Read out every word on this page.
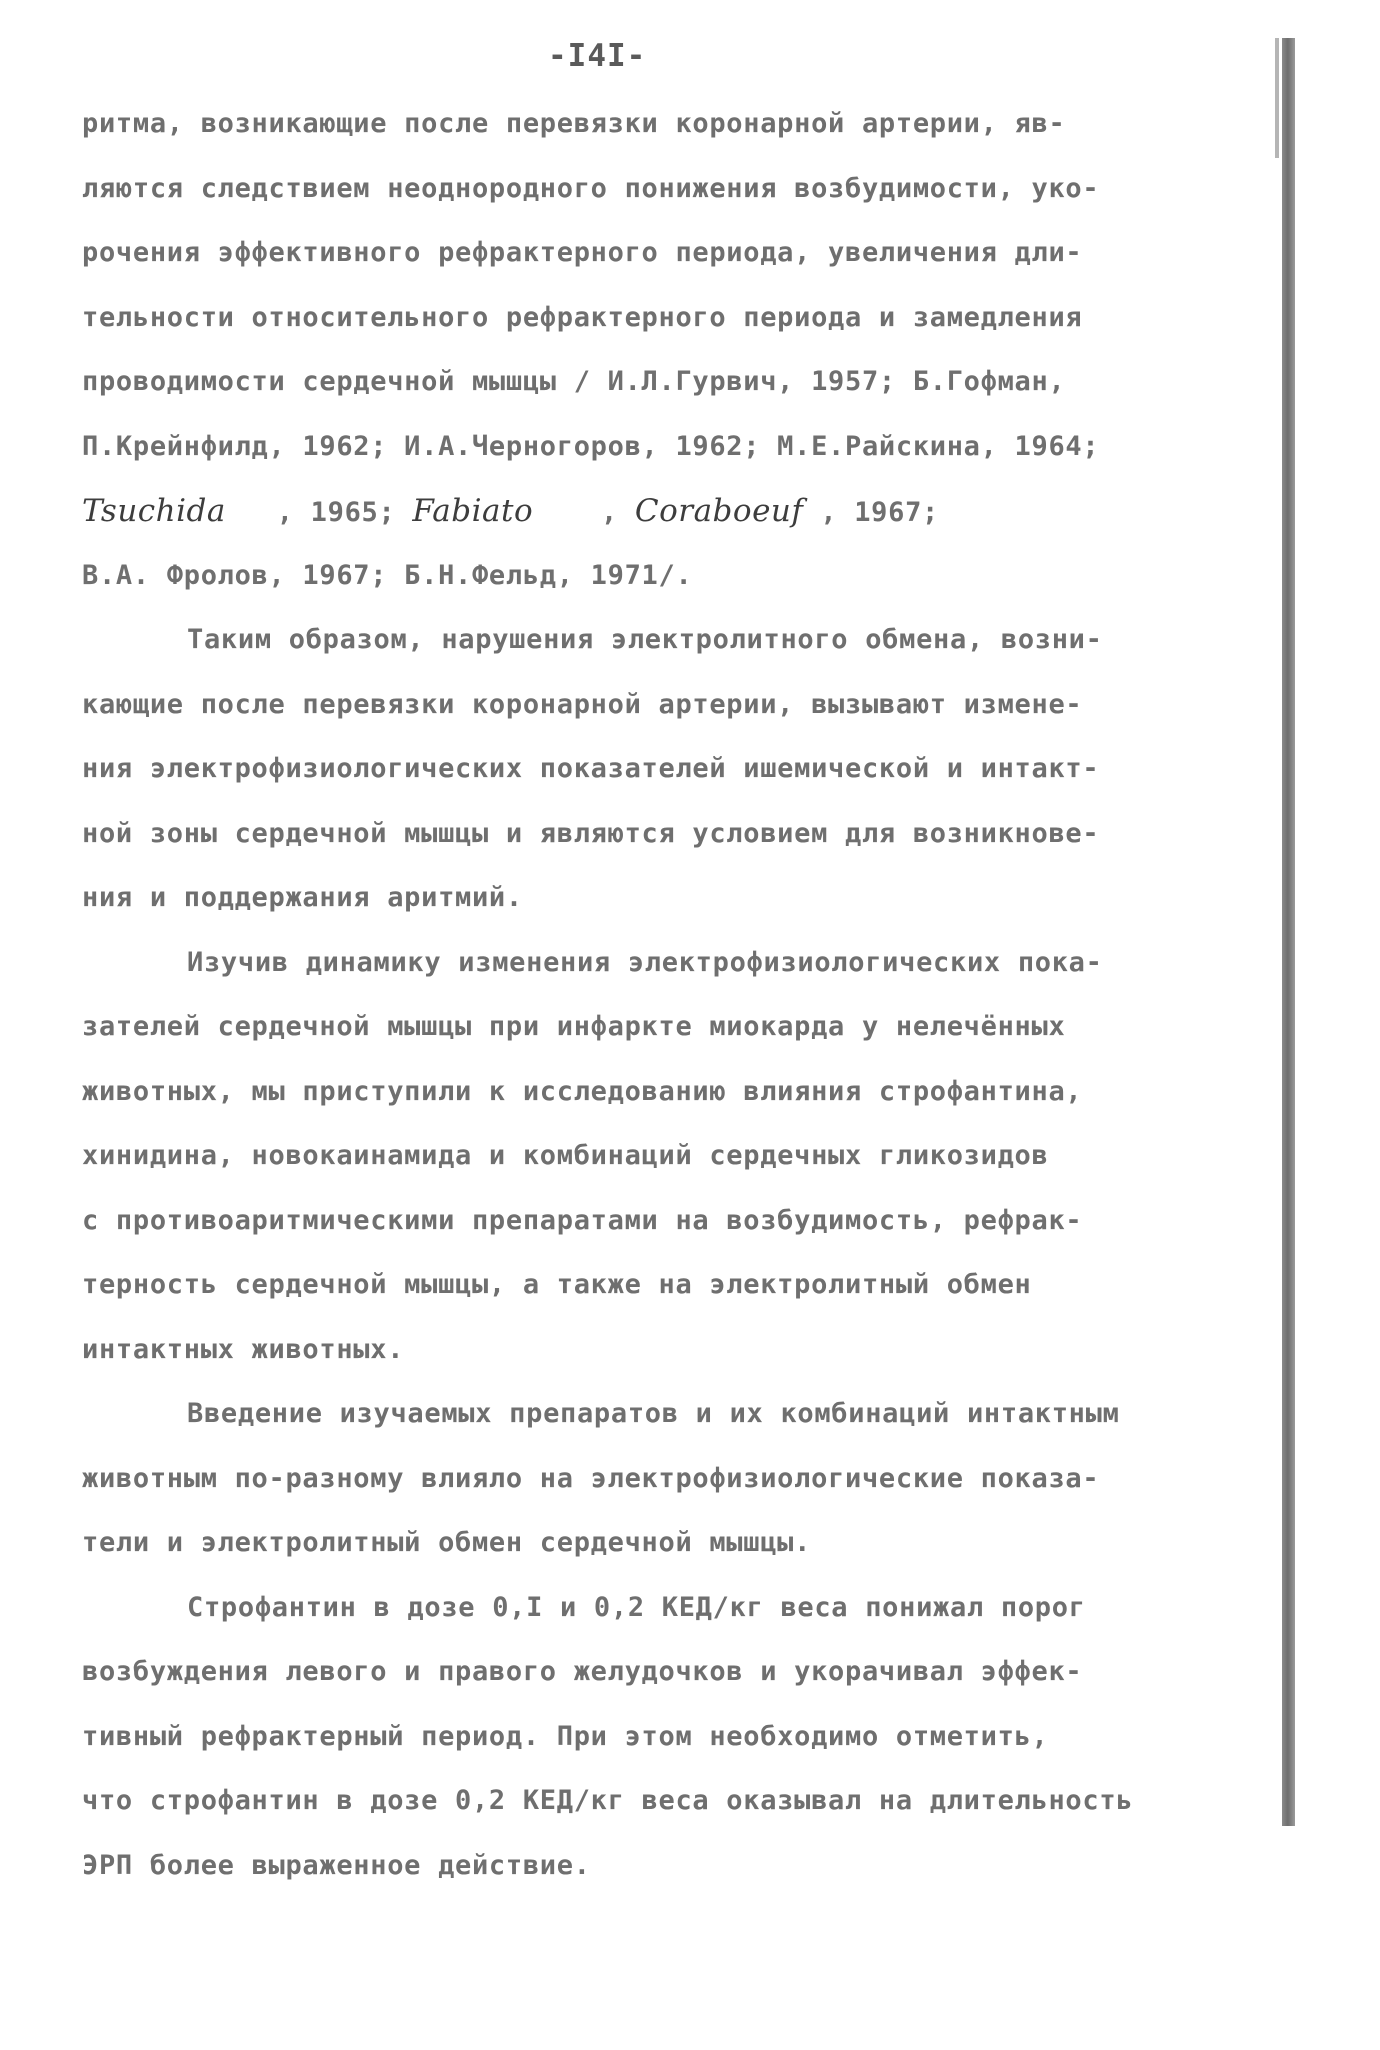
-I4I-
ритма, возникающие после перевязки коронарной артерии, яв-
ляются следствием неоднородного понижения возбудимости, уко-
рочения эффективного рефрактерного периода, увеличения дли-
тельности относительного рефрактерного периода и замедления
проводимости сердечной мышцы / И.Л.Гурвич, 1957; Б.Гофман,
П.Крейнфилд, 1962; И.А.Черногоров, 1962; М.Е.Райскина, 1964;
Tsuchida   , 1965; Fabiato    , Coraboeuf , 1967;
В.А. Фролов, 1967; Б.Н.Фельд, 1971/.
Таким образом, нарушения электролитного обмена, возни-
кающие после перевязки коронарной артерии, вызывают измене-
ния электрофизиологических показателей ишемической и интакт-
ной зоны сердечной мышцы и являются условием для возникнове-
ния и поддержания аритмий.
Изучив динамику изменения электрофизиологических пока-
зателей сердечной мышцы при инфаркте миокарда у нелечённых
животных, мы приступили к исследованию влияния строфантина,
хинидина, новокаинамида и комбинаций сердечных гликозидов
с противоаритмическими препаратами на возбудимость, рефрак-
терность сердечной мышцы, а также на электролитный обмен
интактных животных.
Введение изучаемых препаратов и их комбинаций интактным
животным по-разному влияло на электрофизиологические показа-
тели и электролитный обмен сердечной мышцы.
Строфантин в дозе 0,I и 0,2 КЕД/кг веса понижал порог
возбуждения левого и правого желудочков и укорачивал эффек-
тивный рефрактерный период. При этом необходимо отметить,
что строфантин в дозе 0,2 КЕД/кг веса оказывал на длительность
ЭРП более выраженное действие.
